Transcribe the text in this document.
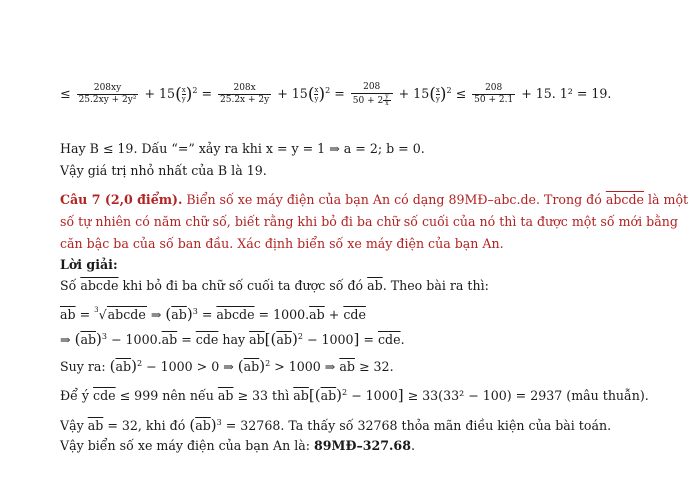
≤ $\frac{208xy}{\text{25.2xy + 2y²}} + 15( \frac{x}{y} )^2 = \frac{208x}{25.2x + 2y} + 15( \frac{x}{y} )^2 = \frac{208}{50 + 2 \frac{y}{x}} + 15( \frac{x}{y} )^2 \le \frac{208}{50 + 2.1} + 15$. 1² = 19.
Hay B ≤ 19. Dấu “=” xảy ra khi x = y = 1 ⇒ a = 2; b = 0.
Vậy giá trị nhỏ nhất của B là 19.
Câu 7 (2,0 điểm). Biển số xe máy điện của bạn An có dạng 89MĐ–abc.de. Trong đó abcde là một
số tự nhiên có năm chữ số, biết rằng khi bỏ đi ba chữ số cuối của nó thì ta được một số mới bằng
căn bậc ba của số ban đầu. Xác định biển số xe máy điện của bạn An.
Lời giải:
Số abcde khi bỏ đi ba chữ số cuối ta được số đó $\overline{ab}$. Theo bài ra thì:
$\overline{ab}$ = $^3$√abcde ⇒ $(\overline{ab})^3$ = abcde = $1000.\overline{ab} + \overline{cde}$
⇒ $(\overline{ab})^3 - 1000.\overline{ab} = \overline{cde}$ hay $\overline{ab}[(\overline{ab})^2 - 1000] = \overline{cde}$.
Suy ra: $(\overline{ab})^2 - 1000 > 0$ ⇒ $(\overline{ab})^2 > 1000$ ⇒ $\overline{ab} \ge 32$.
Để ý $\overline{cde} \le 999$ nên nếu $\overline{ab} \ge 33$ thì $\overline{ab}[(\overline{ab})^2 - 1000] \ge 33(33^2 - 100) = 2937$ (mâu thuẫn).
Vậy $\overline{ab} = 32$, khi đó $(\overline{ab})^3 = 32768$. Ta thấy số 32768 thỏa mãn điều kiện của bài toán.
Vậy biển số xe máy điện của bạn An là: 89MĐ–327.68.
